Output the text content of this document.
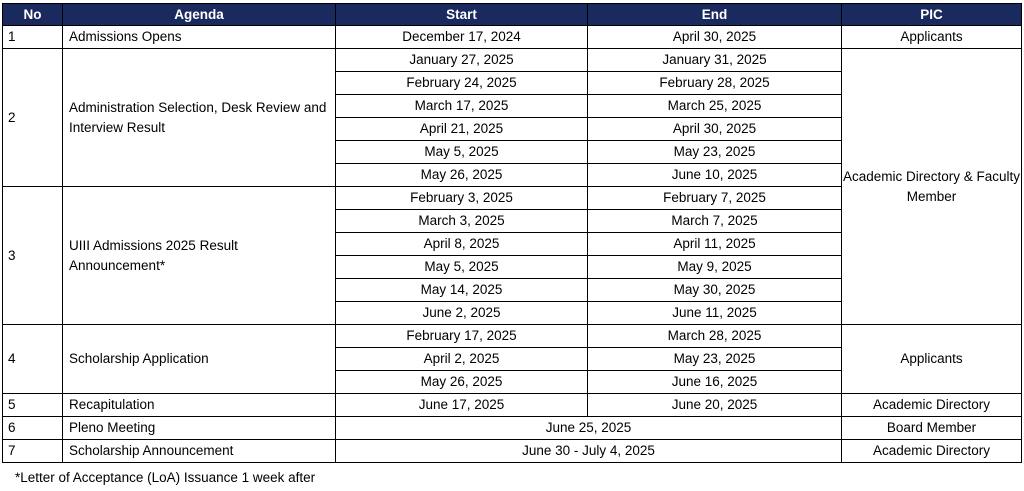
No	Agenda	Start	End	PIC
1	Admissions Opens	December 17, 2024	April 30, 2025	Applicants
2	Administration Selection, Desk Review and Interview Result	January 27, 2025	January 31, 2025	Academic Directory & Faculty Member
		February 24, 2025	February 28, 2025	
		March 17, 2025	March 25, 2025	
		April 21, 2025	April 30, 2025	
		May 5, 2025	May 23, 2025	
		May 26, 2025	June 10, 2025	
3	UIII Admissions 2025 Result Announcement*	February 3, 2025	February 7, 2025	
		March 3, 2025	March 7, 2025	
		April 8, 2025	April 11, 2025	
		May 5, 2025	May 9, 2025	
		May 14, 2025	May 30, 2025	
		June 2, 2025	June 11, 2025	
4	Scholarship Application	February 17, 2025	March 28, 2025	Applicants
		April 2, 2025	May 23, 2025	
		May 26, 2025	June 16, 2025	
5	Recapitulation	June 17, 2025	June 20, 2025	Academic Directory
6	Pleno Meeting	June 25, 2025		Board Member
7	Scholarship Announcement	June 30 - July 4, 2025		Academic Directory
*Letter of Acceptance (LoA) Issuance 1 week after
